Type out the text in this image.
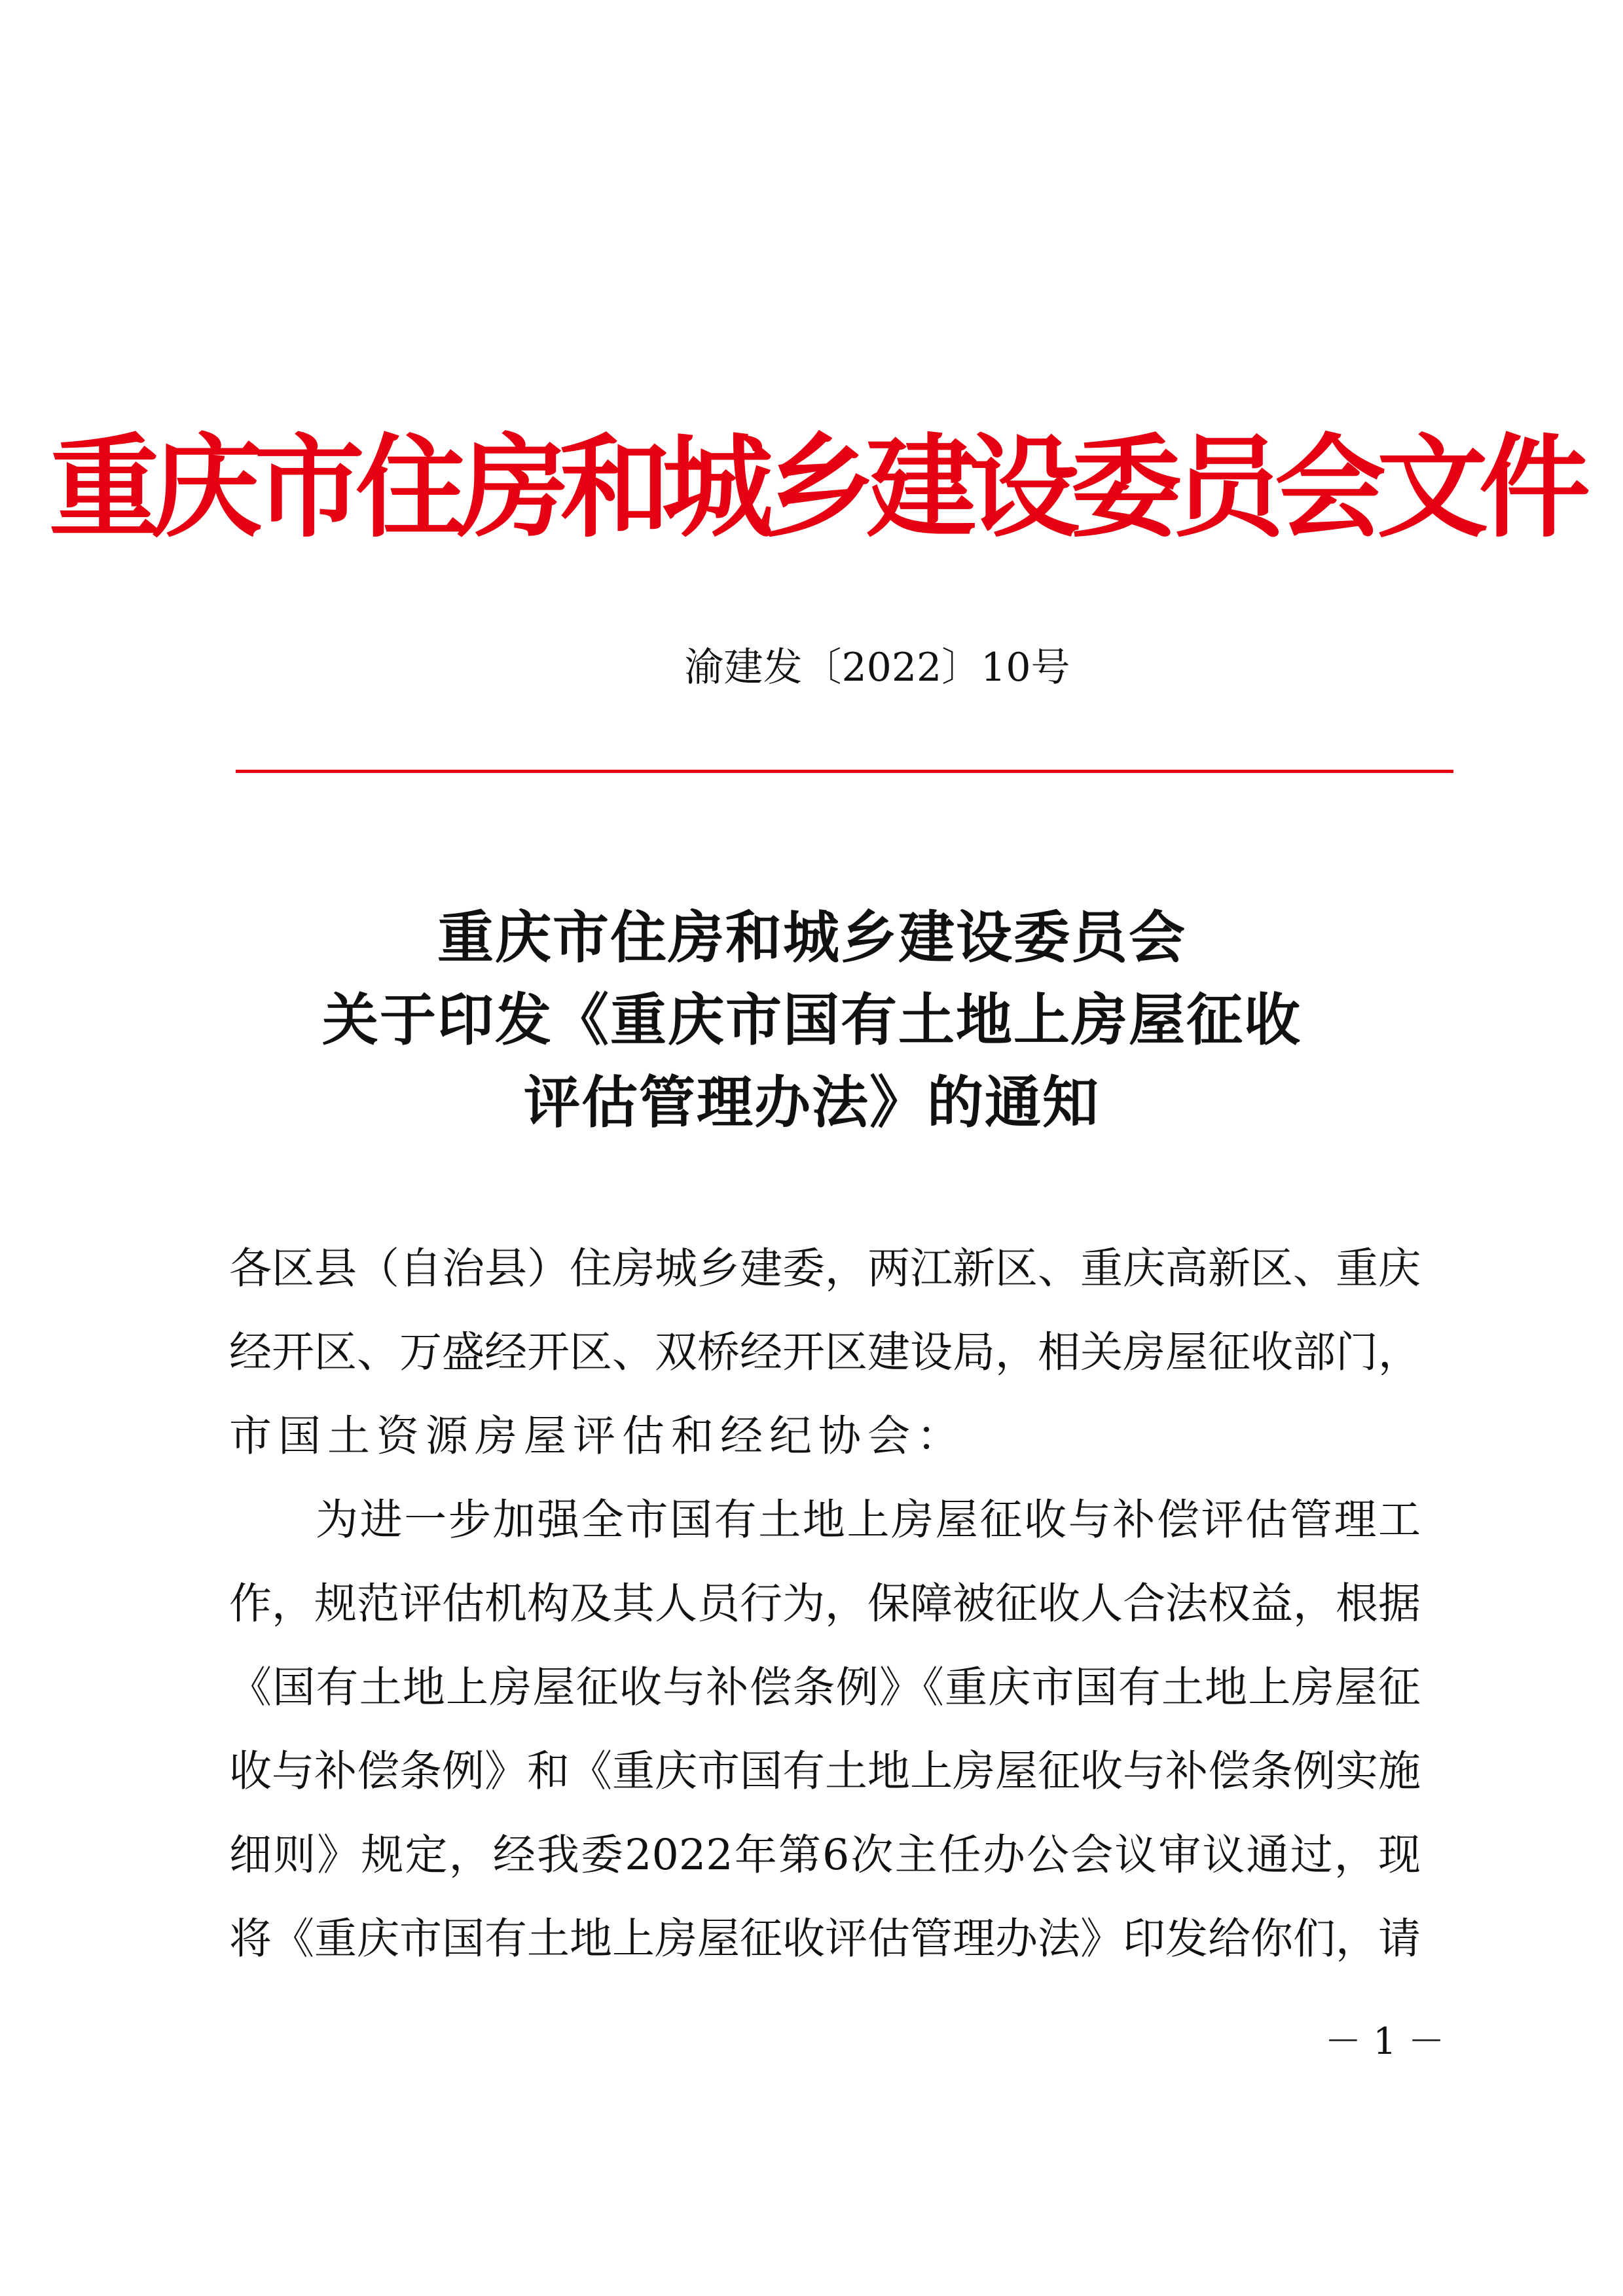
重庆市住房和城乡建设委员会文件
渝建发〔2022〕10号
重庆市住房和城乡建设委员会
关于印发《重庆市国有土地上房屋征收
评估管理办法》的通知
各区县（自治县）住房城乡建委，两江新区、重庆高新区、重庆
经开区、万盛经开区、双桥经开区建设局，相关房屋征收部门，
市国土资源房屋评估和经纪协会：
为进一步加强全市国有土地上房屋征收与补偿评估管理工
作，规范评估机构及其人员行为，保障被征收人合法权益，根据
《国有土地上房屋征收与补偿条例》《重庆市国有土地上房屋征
收与补偿条例》和《重庆市国有土地上房屋征收与补偿条例实施
细则》规定，经我委2022年第6次主任办公会议审议通过，现
将《重庆市国有土地上房屋征收评估管理办法》印发给你们，请
－ 1 －
